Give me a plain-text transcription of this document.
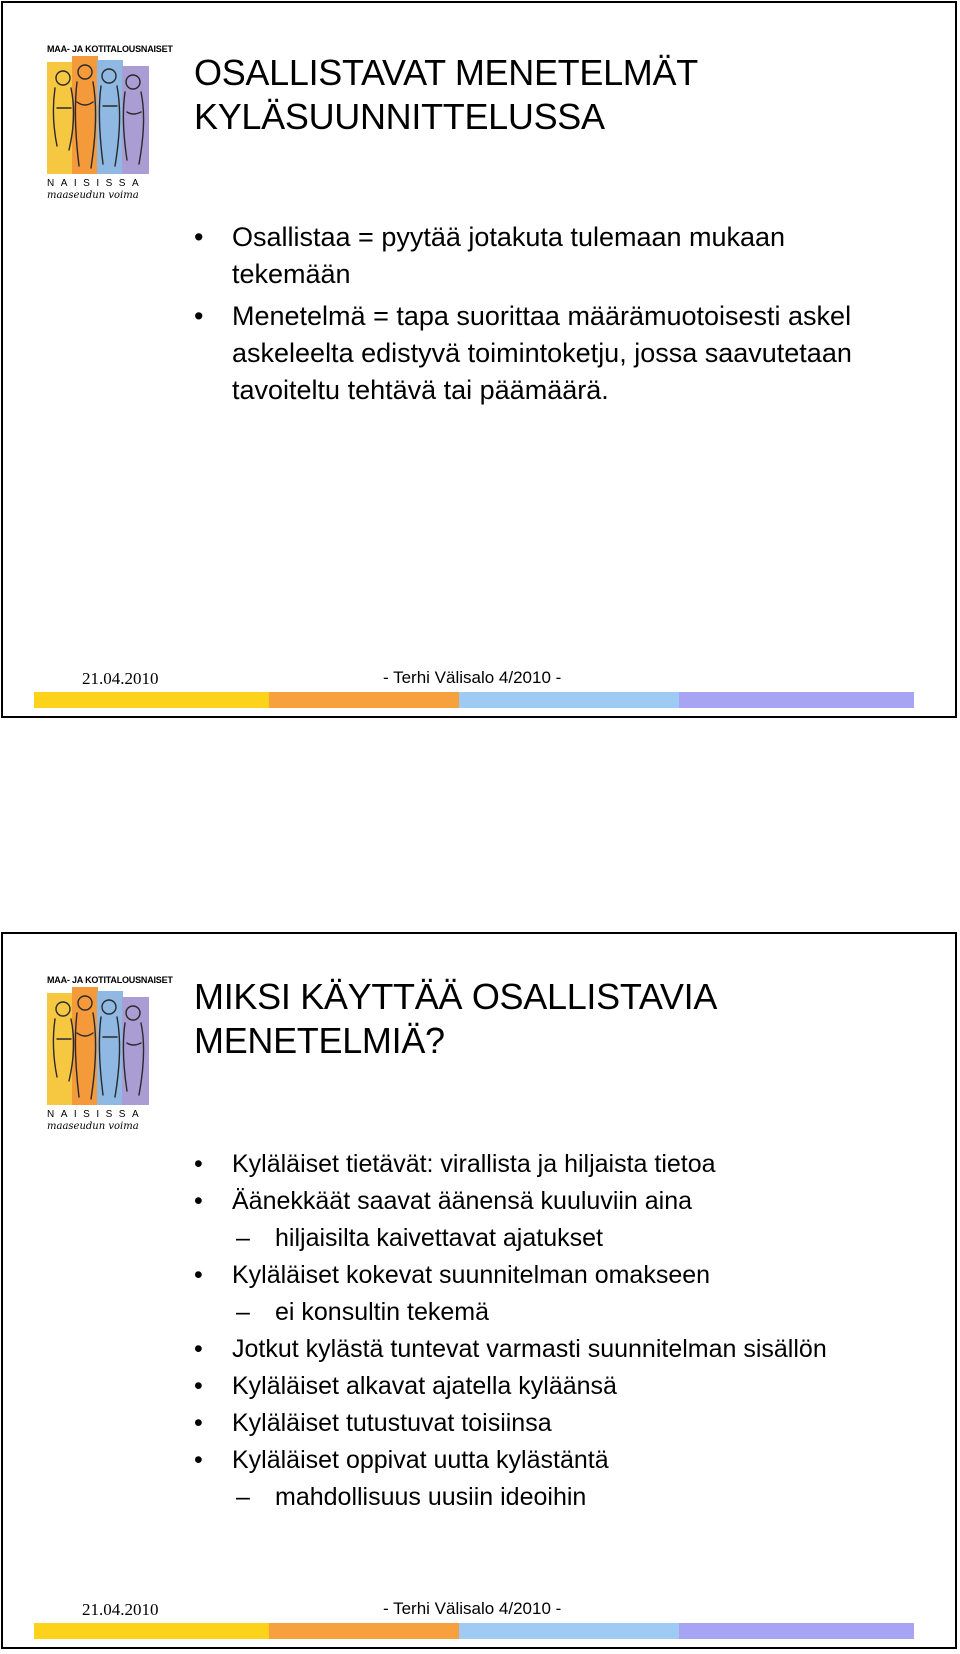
MAA- JA KOTITALOUSNAISET
NAISISSA
maaseudun voima
OSALLISTAVAT MENETELMÄT
KYLÄSUUNNITTELUSSA
• Osallistaa = pyytää jotakuta tulemaan mukaan tekemään
• Menetelmä = tapa suorittaa määrämuotoisesti askel askeleelta edistyvä toimintoketju, jossa saavutetaan tavoiteltu tehtävä tai päämäärä.
21.04.2010	- Terhi Välisalo 4/2010 -
MAA- JA KOTITALOUSNAISET
NAISISSA
maaseudun voima
MIKSI KÄYTTÄÄ OSALLISTAVIA
MENETELMIÄ?
• Kyläläiset tietävät: virallista ja hiljaista tietoa
• Äänekkäät saavat äänensä kuuluviin aina
– hiljaisilta kaivettavat ajatukset
• Kyläläiset kokevat suunnitelman omakseen
– ei konsultin tekemä
• Jotkut kylästä tuntevat varmasti suunnitelman sisällön
• Kyläläiset alkavat ajatella kyläänsä
• Kyläläiset tutustuvat toisiinsa
• Kyläläiset oppivat uutta kylästäntä
– mahdollisuus uusiin ideoihin
21.04.2010	- Terhi Välisalo 4/2010 -
